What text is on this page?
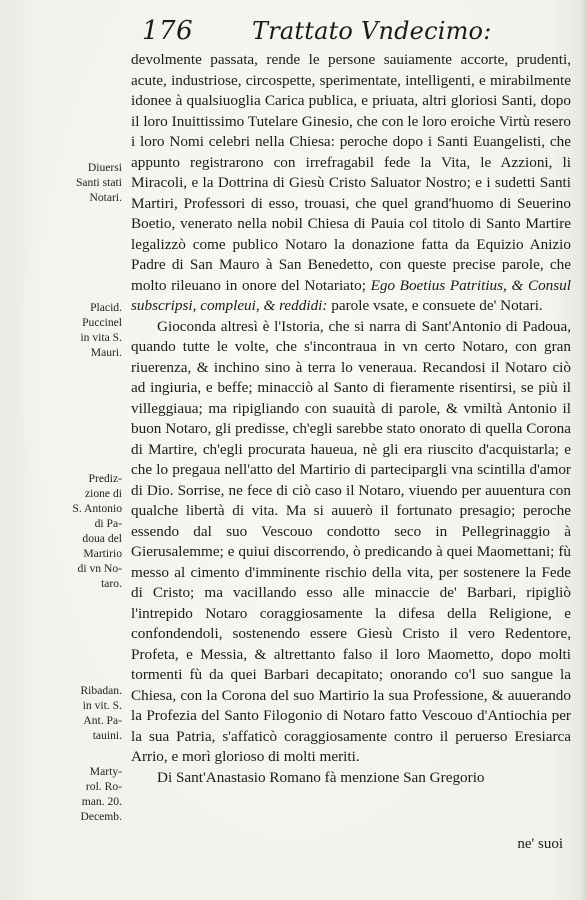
176 Trattato Vndecimo:
Diuersi
Santi stati
Notari.
Placid.
Puccinel
in vita S.
Mauri.
Prediz-
zione di
S. Antonio
di Pa-
doua del
Martirio
di vn No-
taro.
Ribadan.
in vit. S.
Ant. Pa-
tauini.
Marty-
rol. Ro-
man. 20.
Decemb.

devolmente passata, rende le persone sauiamente accorte, prudenti, acute, industriose, circospette, sperimentate, intelligenti, e mirabilmente idonee à qualsiuoglia Carica publica, e priuata, altri gloriosi Santi, dopo il loro Inuittissimo Tutelare Ginesio, che con le loro eroiche Virtù resero i loro Nomi celebri nella Chiesa: peroche dopo i Santi Euangelisti, che appunto registrarono con irrefragabil fede la Vita, le Azzioni, li Miracoli, e la Dottrina di Giesù Cristo Saluator Nostro; e i sudetti Santi Martiri, Professori di esso, trouasi, che quel grand'huomo di Seuerino Boetio, venerato nella nobil Chiesa di Pauia col titolo di Santo Martire legalizzò come publico Notaro la donazione fatta da Equizio Anizio Padre di San Mauro à San Benedetto, con queste precise parole, che molto rileuano in onore del Notariato; Ego Boetius Patritius, & Consul subscripsi, compleui, & reddidi: parole vsate, e consuete de' Notari.

Gioconda altresì è l'Istoria, che si narra di Sant'Antonio di Padoua, quando tutte le volte, che s'incontraua in vn certo Notaro, con gran riuerenza, & inchino sino à terra lo veneraua. Recandosi il Notaro ciò ad ingiuria, e beffe; minacciò al Santo di fieramente risentirsi, se più il villeggiaua; ma ripigliando con suauità di parole, & vmiltà Antonio il buon Notaro, gli predisse, ch'egli sarebbe stato onorato di quella Corona di Martire, ch'egli procurata haueua, nè gli era riuscito d'acquistarla; e che lo pregaua nell'atto del Martirio di partecipargli vna scintilla d'amor di Dio. Sorrise, ne fece di ciò caso il Notaro, viuendo per auuentura con qualche libertà di vita. Ma si auuerò il fortunato presagio; peroche essendo dal suo Vescouo condotto seco in Pellegrinaggio à Gierusalemme; e quiui discorrendo, ò predicando à quei Maomettani; fù messo al cimento d'imminente rischio della vita, per sostenere la Fede di Cristo; ma vacillando esso alle minaccie de' Barbari, ripigliò l'intrepido Notaro coraggiosamente la difesa della Religione, e confondendoli, sostenendo essere Giesù Cristo il vero Redentore, Profeta, e Messia, & altrettanto falso il loro Maometto, dopo molti tormenti fù da quei Barbari decapitato; onorando co'l suo sangue la Chiesa, con la Corona del suo Martirio la sua Professione, & auuerando la Profezia del Santo Filogonio di Notaro fatto Vescouo d'Antiochia per la sua Patria, s'affaticò coraggiosamente contro il peruerso Eresiarca Arrio, e morì glorioso di molti meriti.

Di Sant'Anastasio Romano fà menzione San Gregorio

ne' suoi
